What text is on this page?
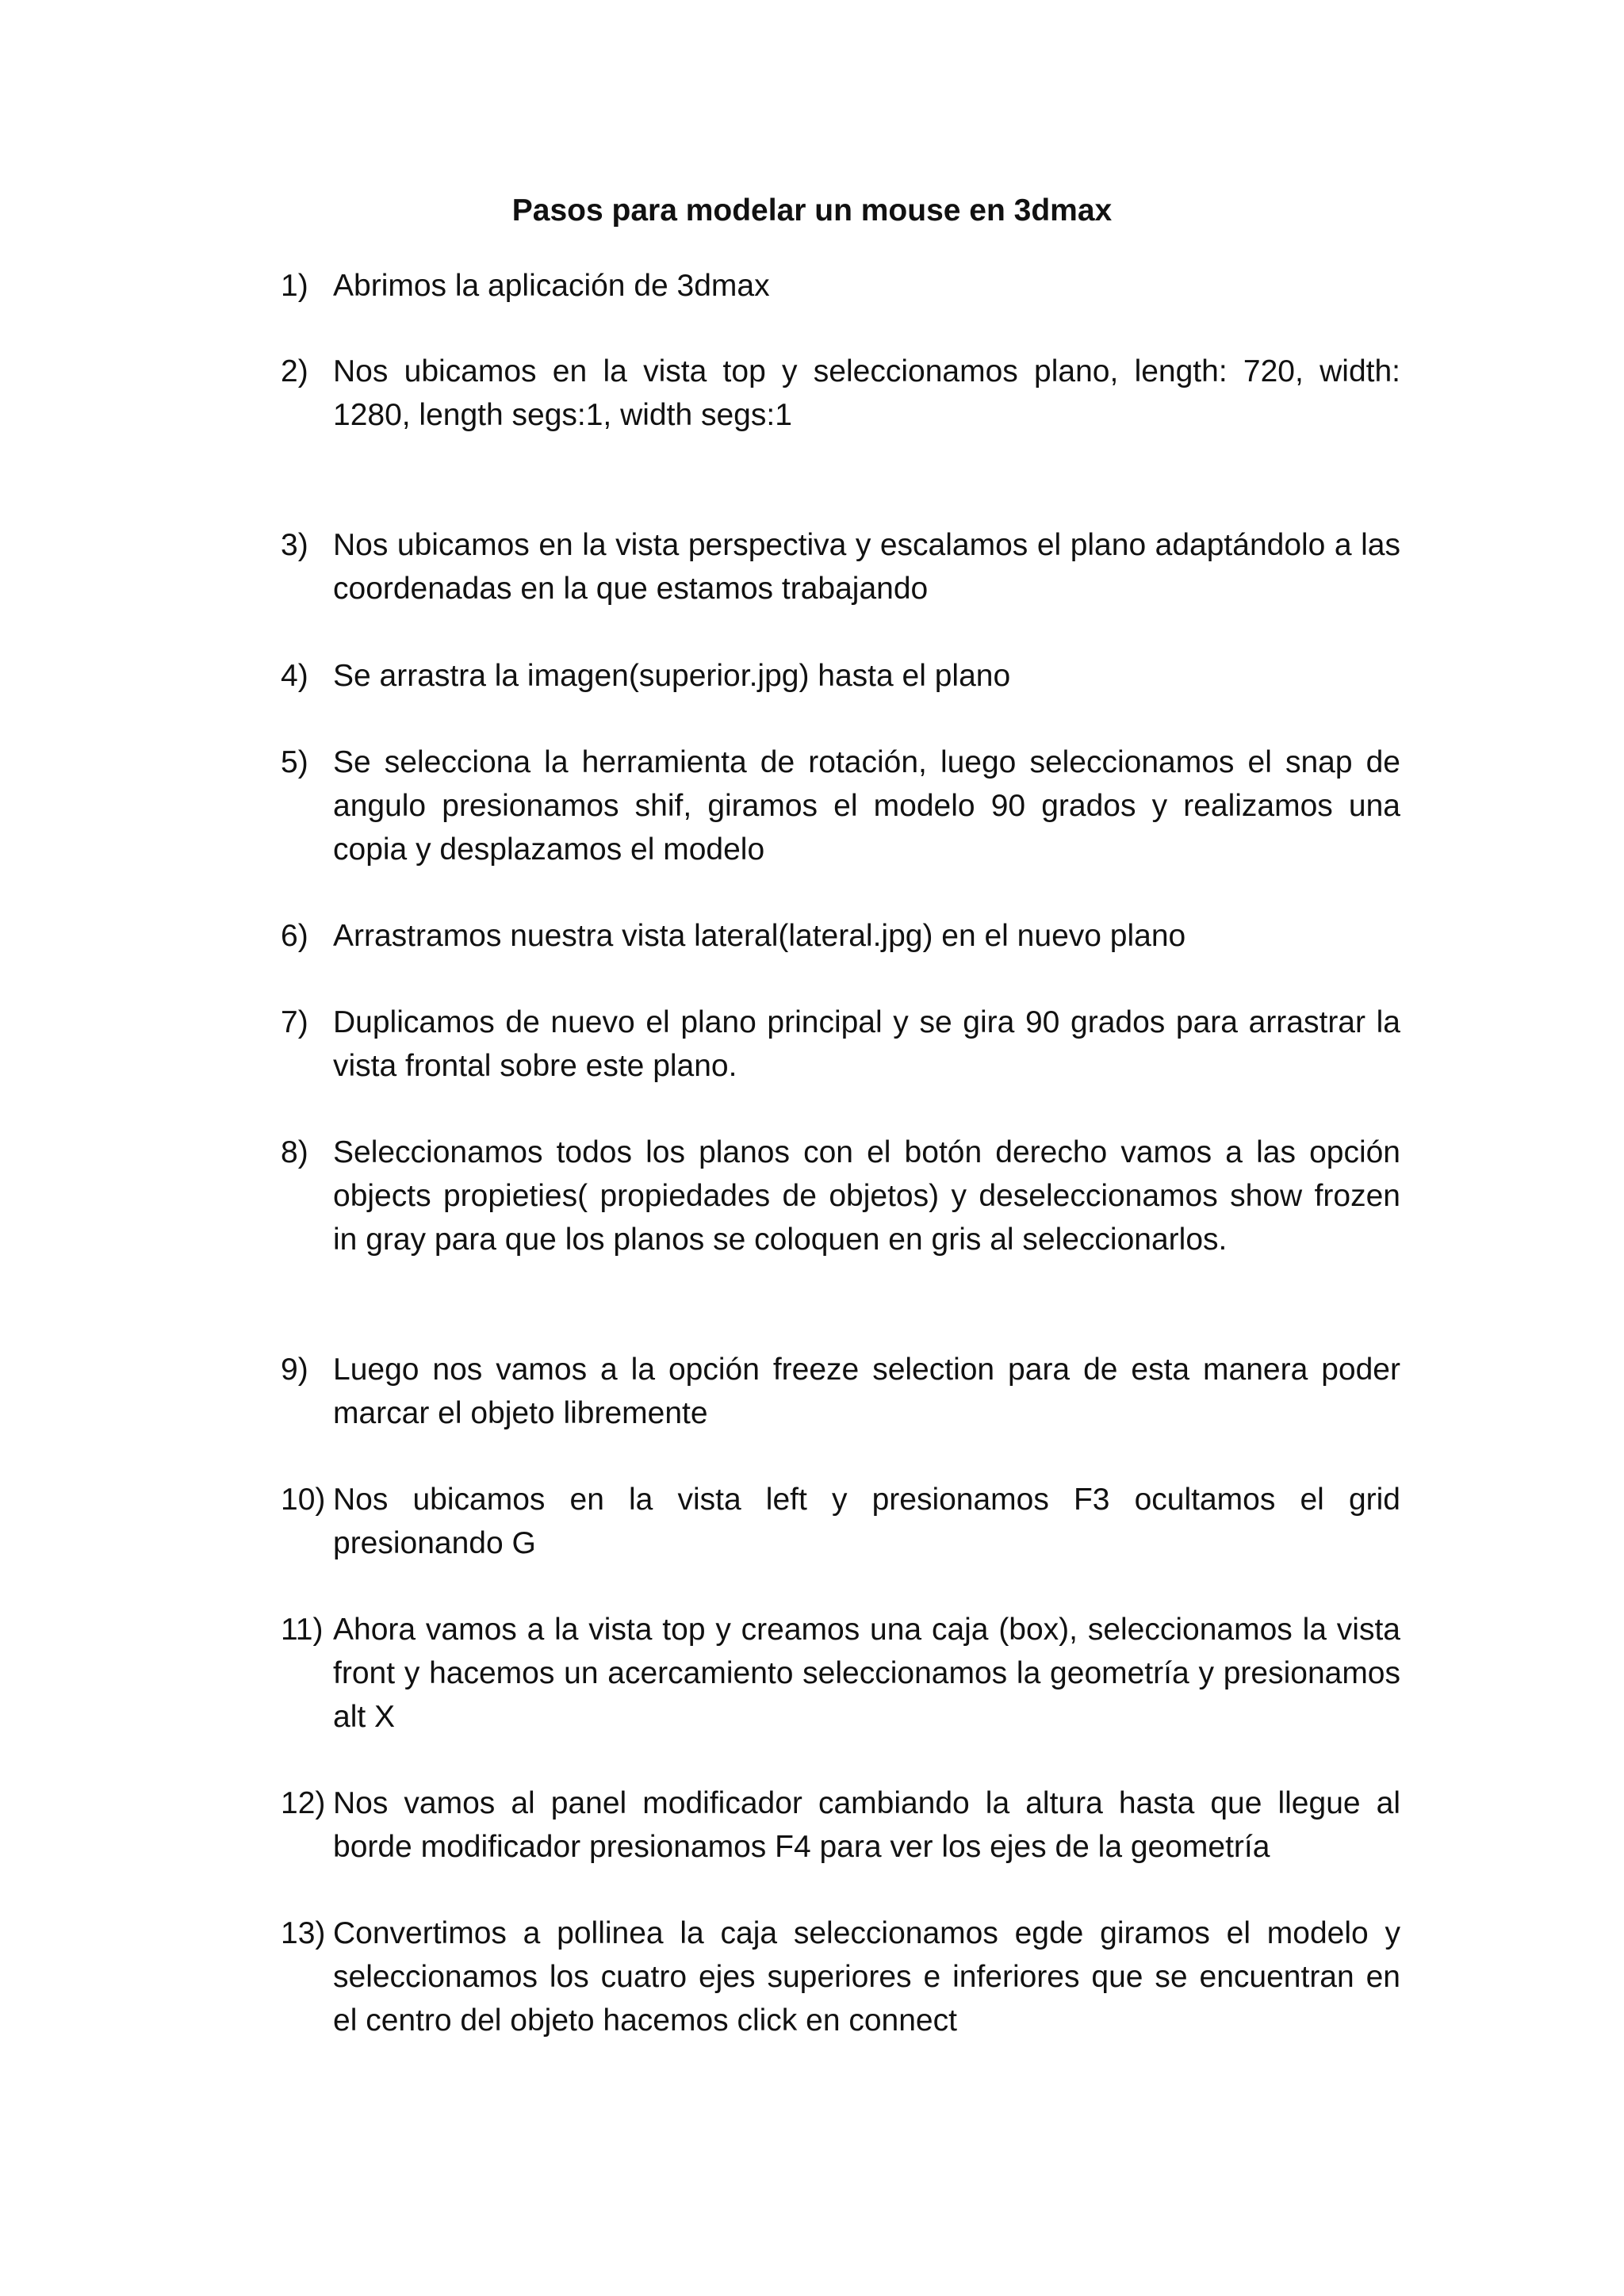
Pasos para modelar un mouse en 3dmax
1) Abrimos la aplicación de 3dmax
2) Nos ubicamos en la vista top y seleccionamos plano, length: 720, width: 1280, length segs:1, width segs:1
3) Nos ubicamos en la vista perspectiva y escalamos el plano adaptándolo a las coordenadas en la que estamos trabajando
4) Se arrastra la imagen(superior.jpg) hasta el plano
5) Se selecciona la herramienta de rotación, luego seleccionamos el snap de angulo presionamos shif, giramos el modelo 90 grados y realizamos una copia y desplazamos el modelo
6) Arrastramos nuestra vista lateral(lateral.jpg) en el nuevo plano
7) Duplicamos de nuevo el plano principal y se gira 90 grados para arrastrar la vista frontal sobre este plano.
8) Seleccionamos todos los planos con el botón derecho vamos a las opción objects propieties( propiedades de objetos) y deseleccionamos show frozen in gray para que los planos se coloquen en gris al seleccionarlos.
9) Luego nos vamos a la opción freeze selection para de esta manera poder marcar el objeto libremente
10) Nos ubicamos en la vista left y presionamos F3 ocultamos el grid presionando G
11) Ahora vamos a la vista top y creamos una caja (box), seleccionamos la vista front y hacemos un acercamiento seleccionamos la geometría y presionamos alt X
12) Nos vamos al panel modificador cambiando la altura hasta que llegue al borde modificador presionamos F4 para ver los ejes de la geometría
13) Convertimos a pollinea la caja seleccionamos egde giramos el modelo y seleccionamos los cuatro ejes superiores e inferiores que se encuentran en el centro del objeto hacemos click en connect
